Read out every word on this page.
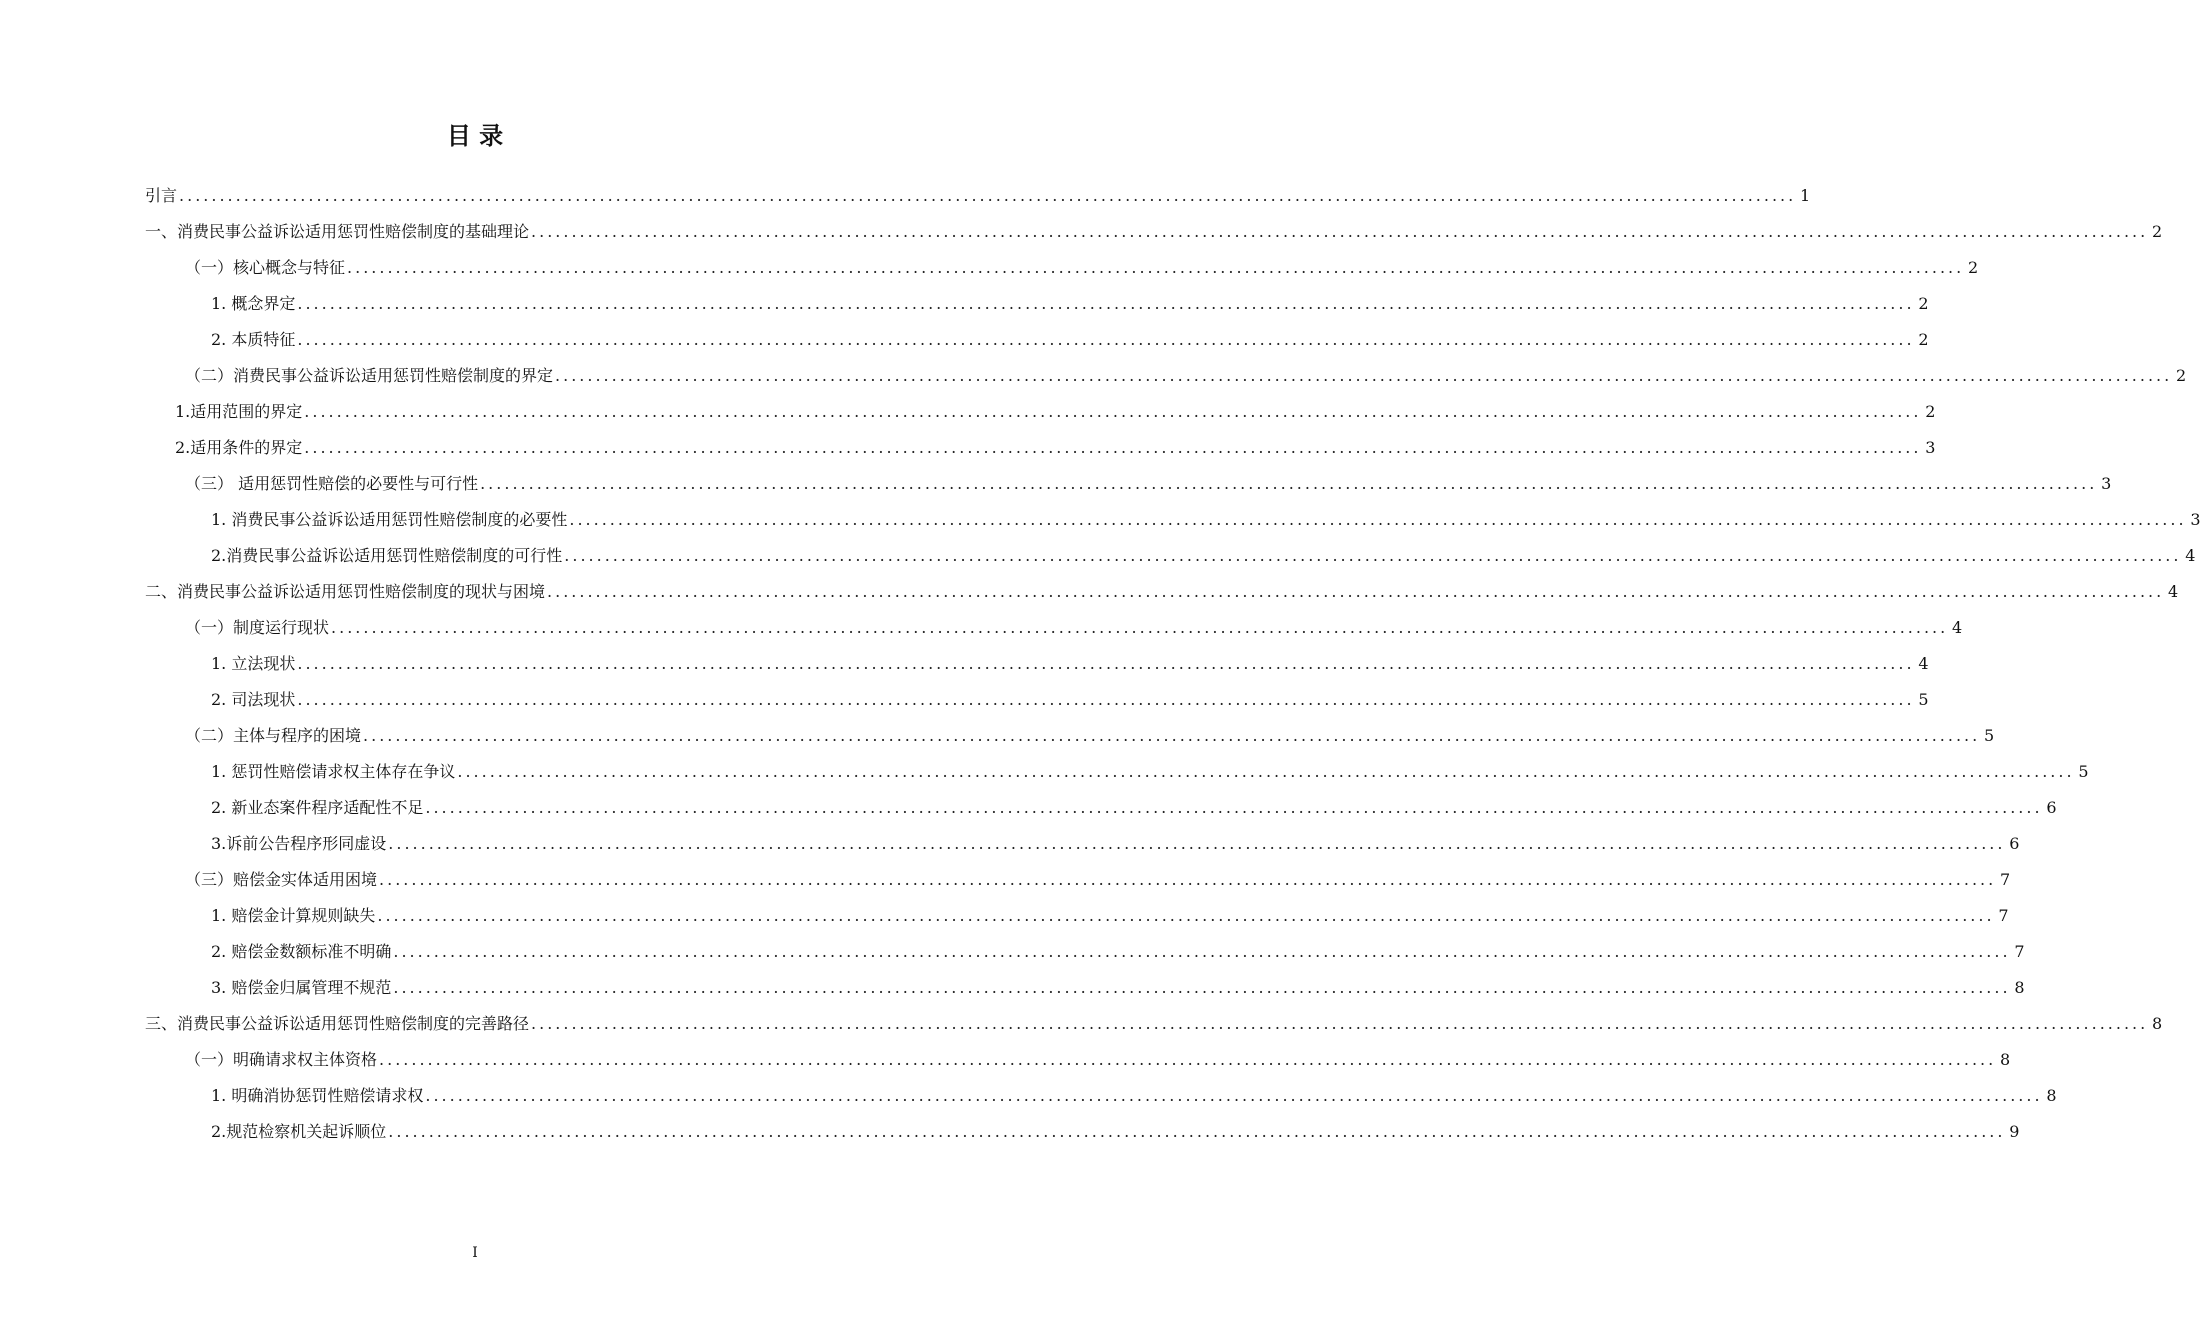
目 录
引言 ........................................................................................................................................................................................................ 1
一、消费民事公益诉讼适用惩罚性赔偿制度的基础理论 ........................................................................................................................................................................................................ 2
（一）核心概念与特征 ........................................................................................................................................................................................................ 2
1. 概念界定 ........................................................................................................................................................................................................ 2
2. 本质特征 ........................................................................................................................................................................................................ 2
（二）消费民事公益诉讼适用惩罚性赔偿制度的界定 ........................................................................................................................................................................................................ 2
1.适用范围的界定 ........................................................................................................................................................................................................ 2
2.适用条件的界定 ........................................................................................................................................................................................................ 3
（三） 适用惩罚性赔偿的必要性与可行性 ........................................................................................................................................................................................................ 3
1. 消费民事公益诉讼适用惩罚性赔偿制度的必要性 ........................................................................................................................................................................................................ 3
2.消费民事公益诉讼适用惩罚性赔偿制度的可行性 ........................................................................................................................................................................................................ 4
二、消费民事公益诉讼适用惩罚性赔偿制度的现状与困境 ........................................................................................................................................................................................................ 4
（一）制度运行现状 ........................................................................................................................................................................................................ 4
1. 立法现状 ........................................................................................................................................................................................................ 4
2. 司法现状 ........................................................................................................................................................................................................ 5
（二）主体与程序的困境 ........................................................................................................................................................................................................ 5
1. 惩罚性赔偿请求权主体存在争议 ........................................................................................................................................................................................................ 5
2. 新业态案件程序适配性不足 ........................................................................................................................................................................................................ 6
3.诉前公告程序形同虚设 ........................................................................................................................................................................................................ 6
（三）赔偿金实体适用困境 ........................................................................................................................................................................................................ 7
1. 赔偿金计算规则缺失 ........................................................................................................................................................................................................ 7
2. 赔偿金数额标准不明确 ........................................................................................................................................................................................................ 7
3. 赔偿金归属管理不规范 ........................................................................................................................................................................................................ 8
三、消费民事公益诉讼适用惩罚性赔偿制度的完善路径 ........................................................................................................................................................................................................ 8
（一）明确请求权主体资格 ........................................................................................................................................................................................................ 8
1. 明确消协惩罚性赔偿请求权 ........................................................................................................................................................................................................ 8
2.规范检察机关起诉顺位 ........................................................................................................................................................................................................ 9
I
